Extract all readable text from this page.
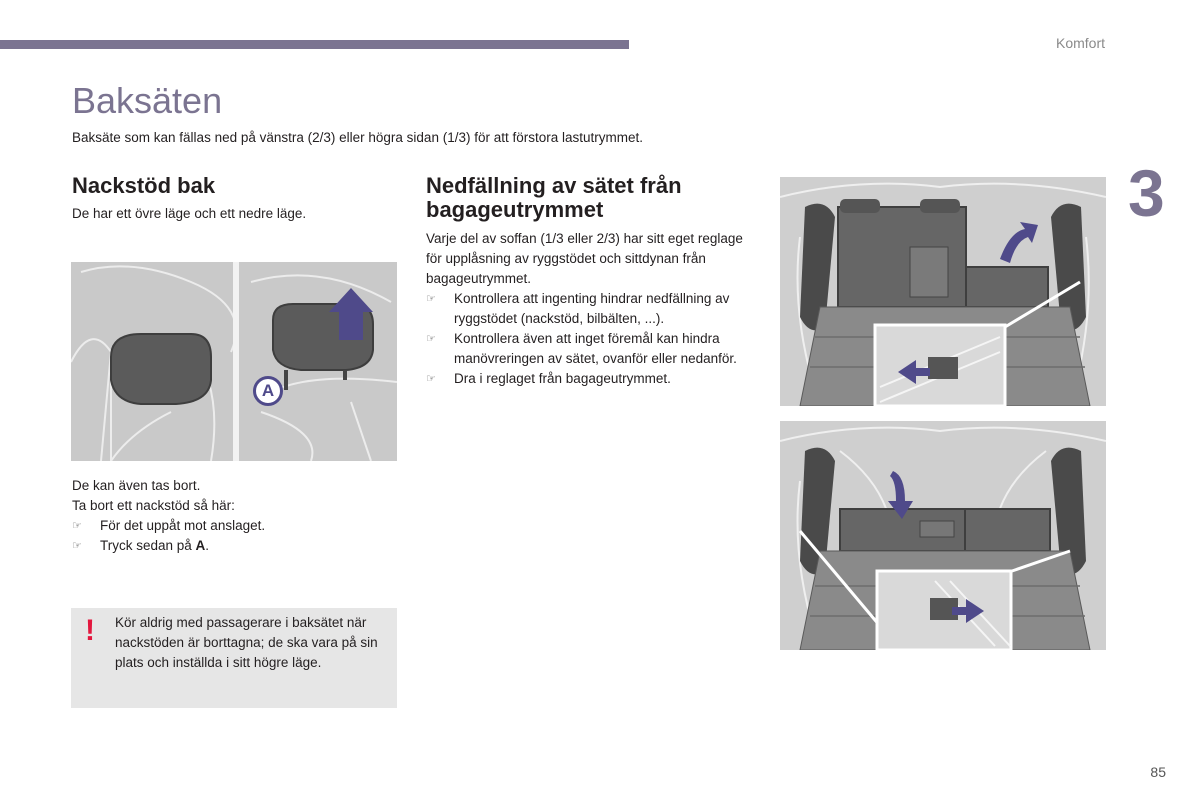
Komfort
3
Baksäten
Baksäte som kan fällas ned på vänstra (2/3) eller högra sidan (1/3) för att förstora lastutrymmet.
Nackstöd bak

De har ett övre läge och ett nedre läge.

A

De kan även tas bort.

Ta bort ett nackstöd så här:

☞ För det uppåt mot anslaget.
☞ Tryck sedan på A.
! Kör aldrig med passagerare i baksätet när nackstöden är borttagna; de ska vara på sin plats och inställda i sitt högre läge.
Nedfällning av sätet från bagageutrymmet

Varje del av soffan (1/3 eller 2/3) har sitt eget reglage för upplåsning av ryggstödet och sittdynan från bagageutrymmet.

☞ Kontrollera att ingenting hindrar nedfällning av ryggstödet (nackstöd, bilbälten, ...).
☞ Kontrollera även att inget föremål kan hindra manövreringen av sätet, ovanför eller nedanför.
☞ Dra i reglaget från bagageutrymmet.
85
